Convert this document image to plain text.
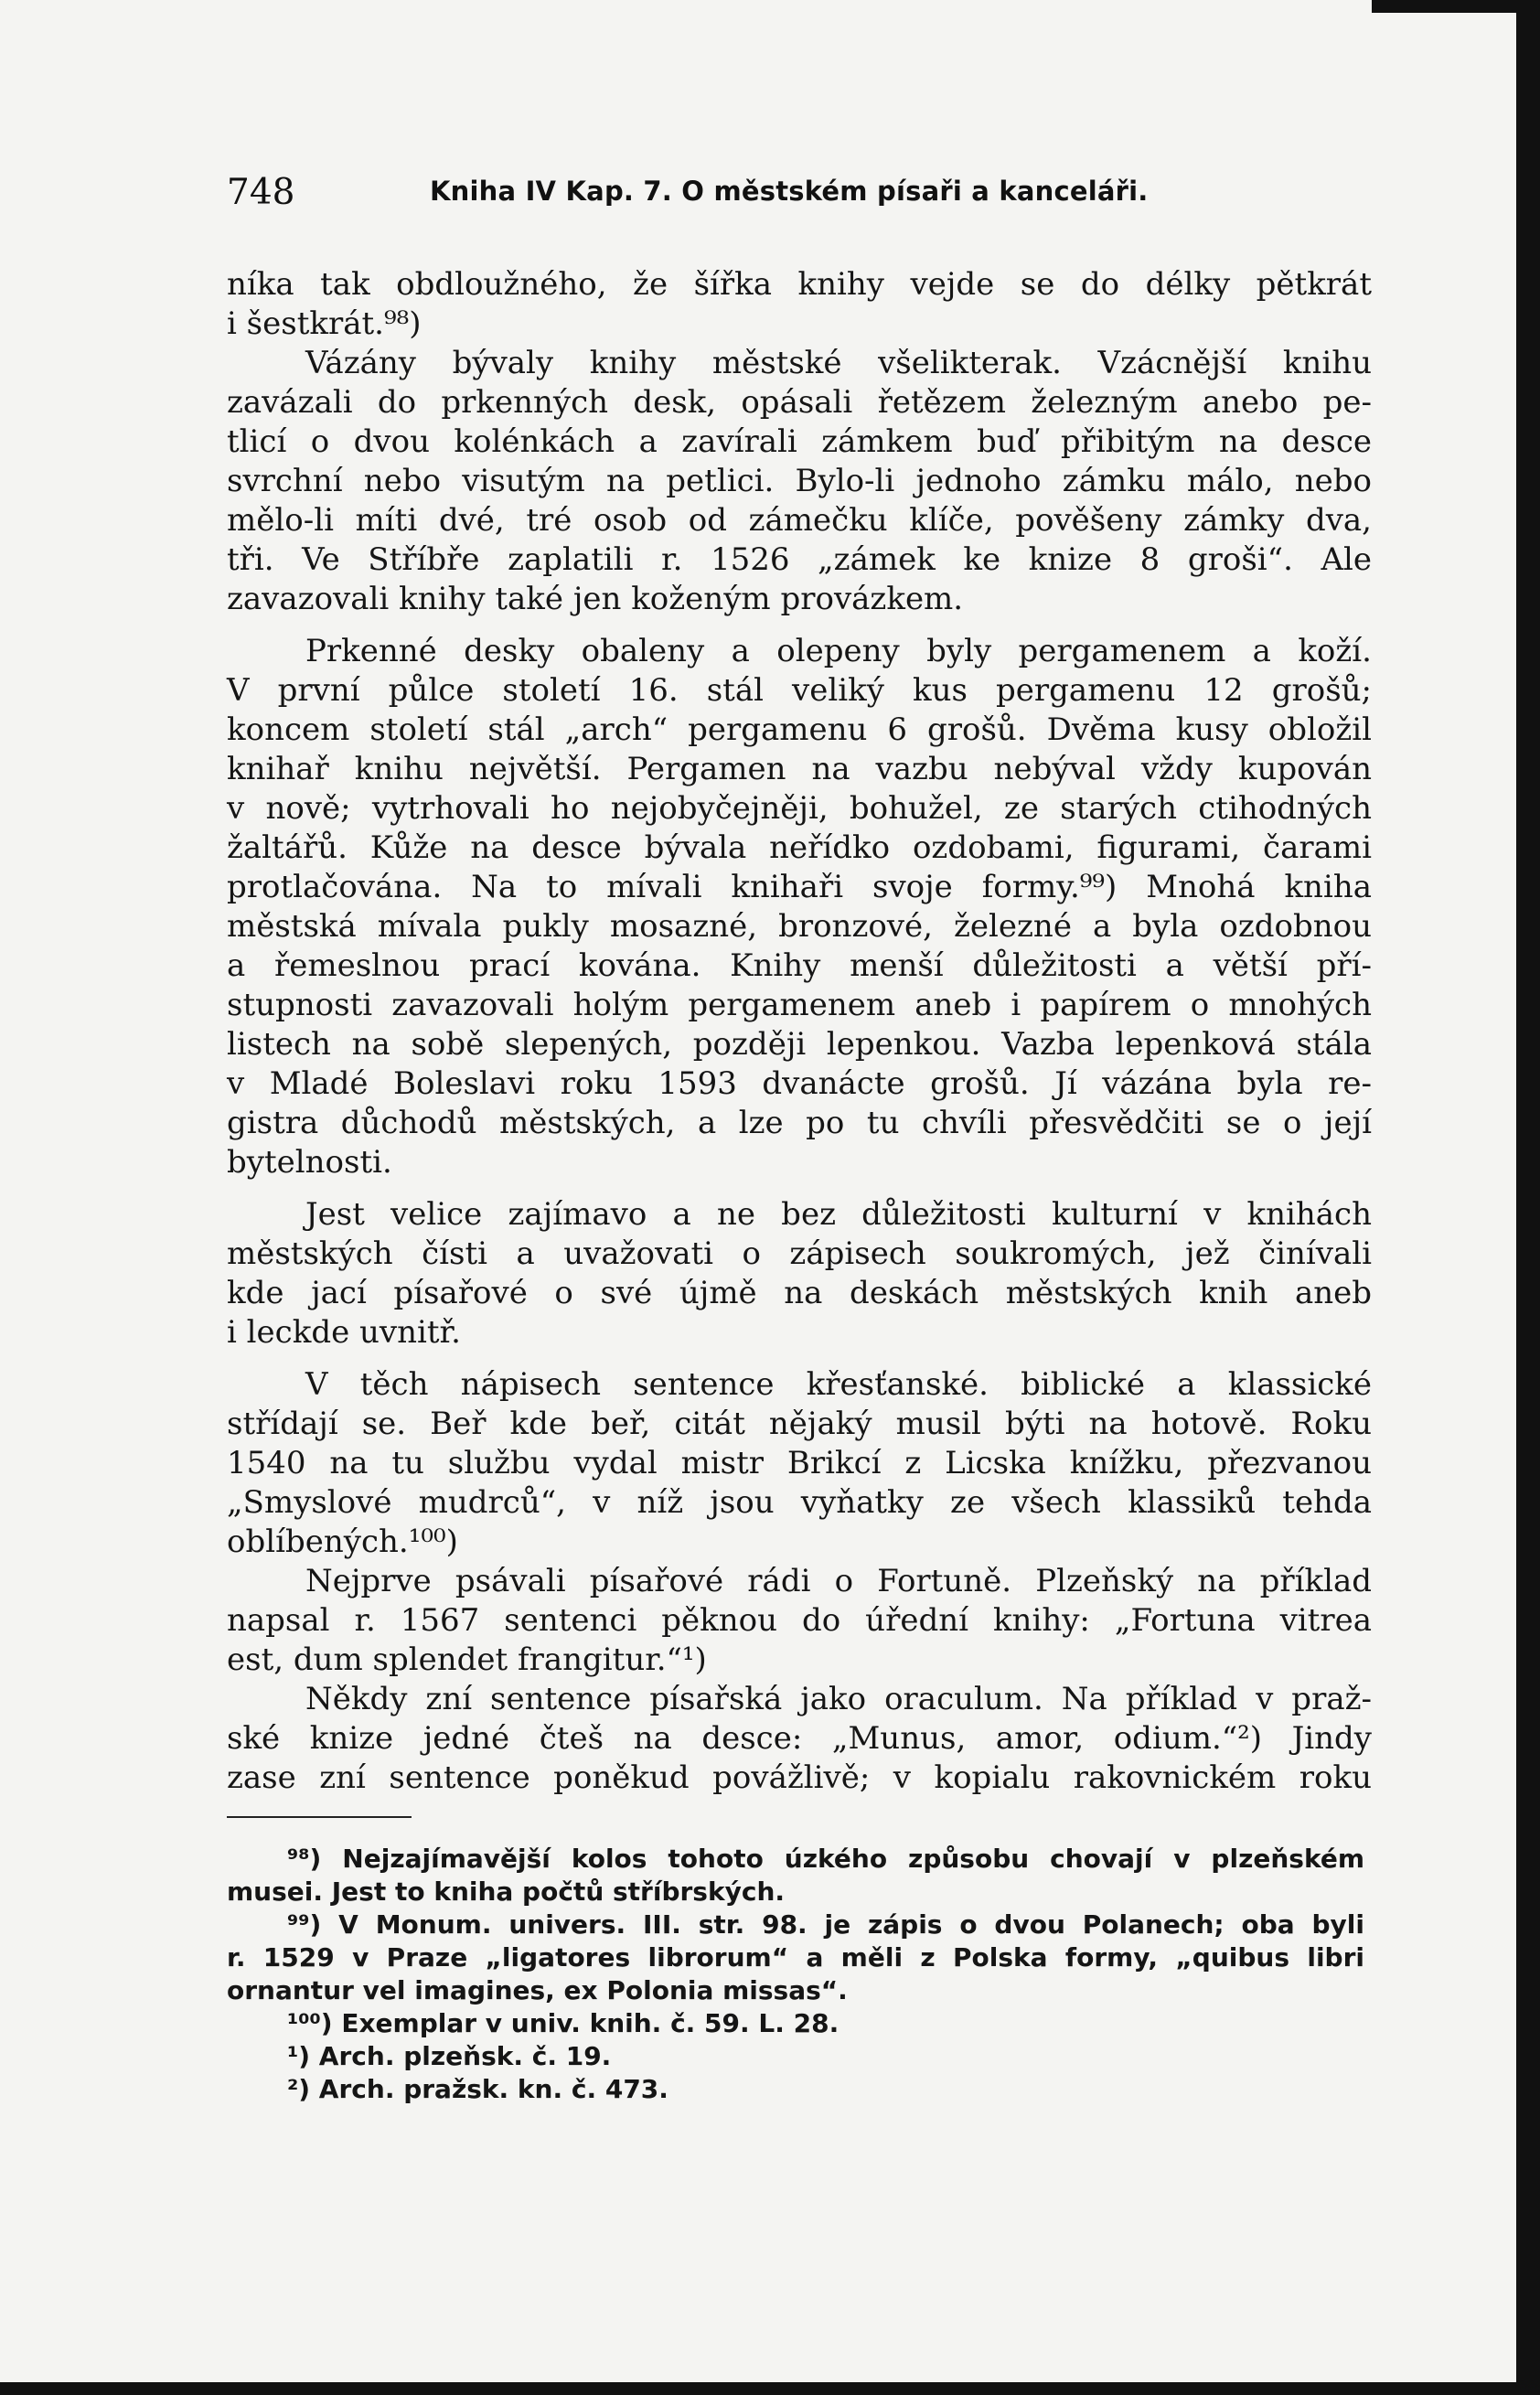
748	Kniha IV Kap. 7. O městském písaři a kanceláři.
níka tak obdloužného, že šířka knihy vejde se do délky pětkrát
i šestkrát.⁹⁸)
Vázány bývaly knihy městské všelikterak. Vzácnější knihu
zavázali do prkenných desk, opásali řetězem železným anebo pe-
tlicí o dvou kolénkách a zavírali zámkem buď přibitým na desce
svrchní nebo visutým na petlici. Bylo-li jednoho zámku málo, nebo
mělo-li míti dvé, tré osob od zámečku klíče, pověšeny zámky dva,
tři. Ve Stříbře zaplatili r. 1526 „zámek ke knize 8 groši“. Ale
zavazovali knihy také jen koženým provázkem.
Prkenné desky obaleny a olepeny byly pergamenem a koží.
V první půlce století 16. stál veliký kus pergamenu 12 grošů;
koncem století stál „arch“ pergamenu 6 grošů. Dvěma kusy obložil
knihař knihu největší. Pergamen na vazbu nebýval vždy kupován
v nově; vytrhovali ho nejobyčejněji, bohužel, ze starých ctihodných
žaltářů. Kůže na desce bývala neřídko ozdobami, figurami, čarami
protlačována. Na to mívali knihaři svoje formy.⁹⁹) Mnohá kniha
městská mívala pukly mosazné, bronzové, železné a byla ozdobnou
a řemeslnou prací kována. Knihy menší důležitosti a větší pří-
stupnosti zavazovali holým pergamenem aneb i papírem o mnohých
listech na sobě slepených, později lepenkou. Vazba lepenková stála
v Mladé Boleslavi roku 1593 dvanácte grošů. Jí vázána byla re-
gistra důchodů městských, a lze po tu chvíli přesvědčiti se o její
bytelnosti.
Jest velice zajímavo a ne bez důležitosti kulturní v knihách
městských čísti a uvažovati o zápisech soukromých, jež činívali
kde jací písařové o své újmě na deskách městských knih aneb
i leckde uvnitř.
V těch nápisech sentence křesťanské. biblické a klassické
střídají se. Beř kde beř, citát nějaký musil býti na hotově. Roku
1540 na tu službu vydal mistr Brikcí z Licska knížku, přezvanou
„Smyslové mudrců“, v níž jsou vyňatky ze všech klassiků tehda
oblíbených.¹⁰⁰)
Nejprve psávali písařové rádi o Fortuně. Plzeňský na příklad
napsal r. 1567 sentenci pěknou do úřední knihy: „Fortuna vitrea
est, dum splendet frangitur.“¹)
Někdy zní sentence písařská jako oraculum. Na příklad v praž-
ské knize jedné čteš na desce: „Munus, amor, odium.“²) Jindy
zase zní sentence poněkud povážlivě; v kopialu rakovnickém roku
⁹⁸) Nejzajímavější kolos tohoto úzkého způsobu chovají v plzeňském
musei. Jest to kniha počtů stříbrských.
⁹⁹) V Monum. univers. III. str. 98. je zápis o dvou Polanech; oba byli
r. 1529 v Praze „ligatores librorum“ a měli z Polska formy, „quibus libri
ornantur vel imagines, ex Polonia missas“.
¹⁰⁰) Exemplar v univ. knih. č. 59. L. 28.
¹) Arch. plzeňsk. č. 19.
²) Arch. pražsk. kn. č. 473.
